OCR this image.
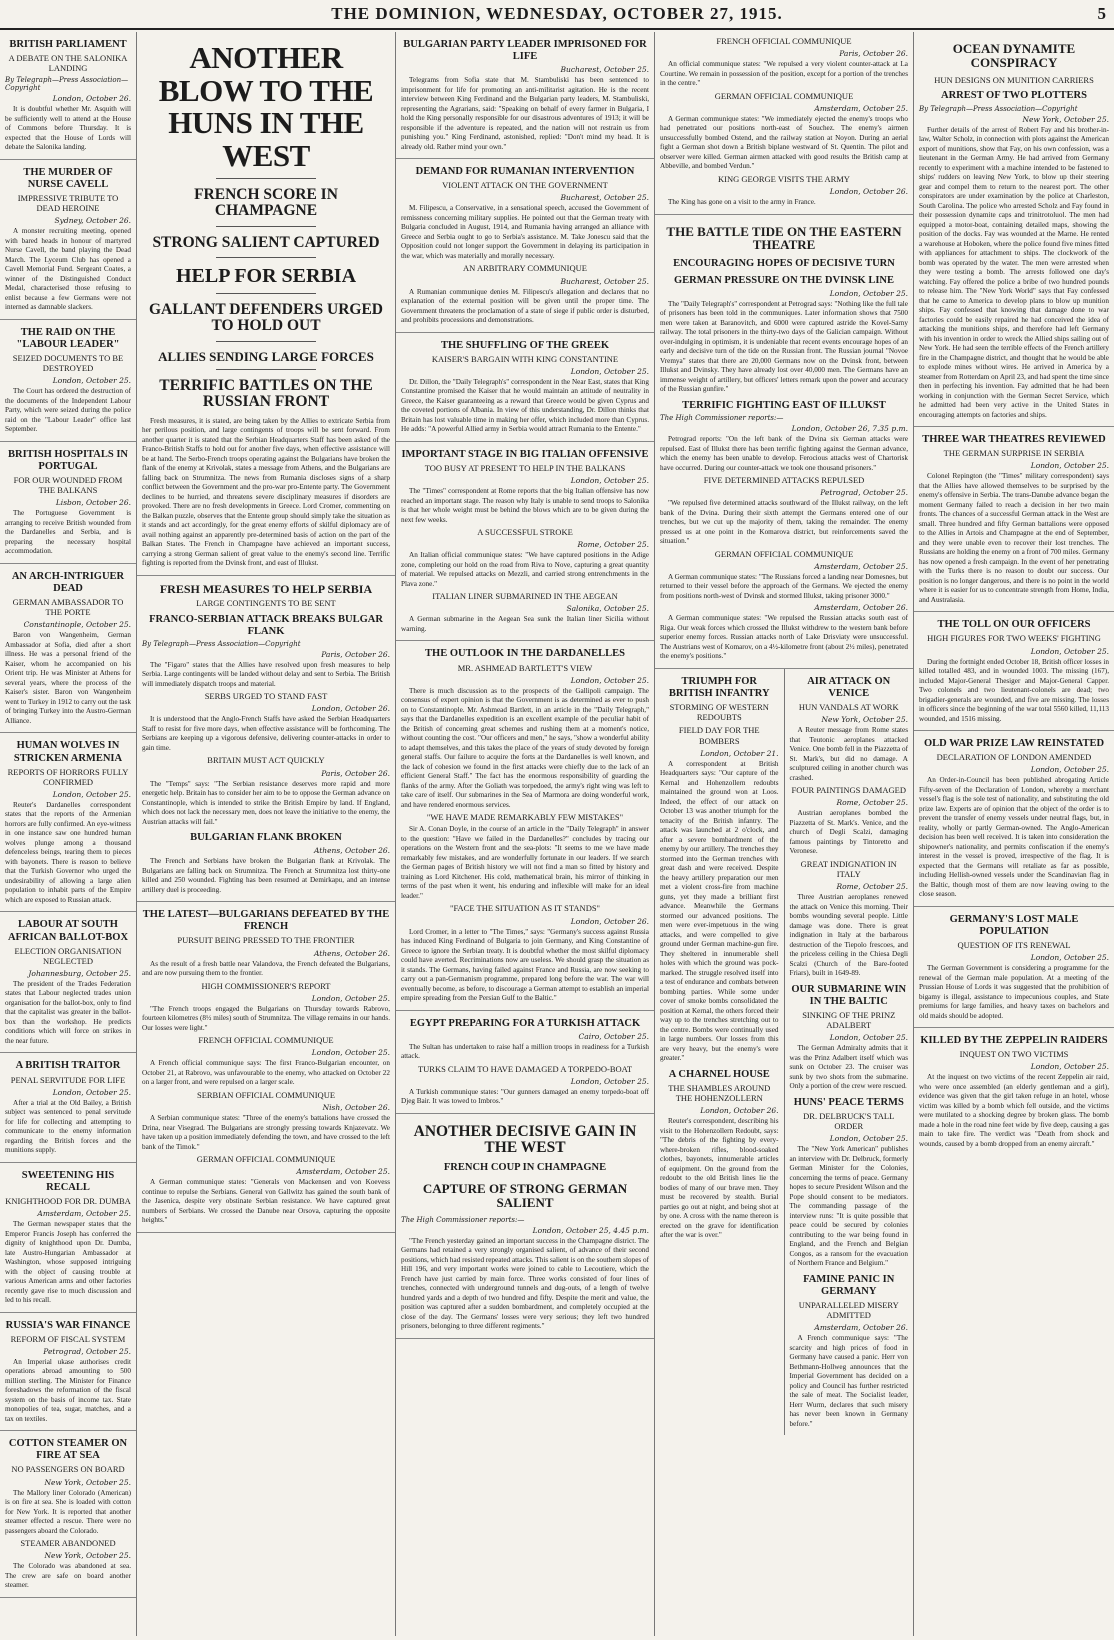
THE DOMINION, WEDNESDAY, OCTOBER 27, 1915.	5
BRITISH PARLIAMENT
A DEBATE ON THE SALONIKA LANDING
By Telegraph—Press Association—Copyright
London, October 26.

It is doubtful whether Mr. Asquith will be sufficiently well to attend at the House of Commons before Thursday. It is expected that the House of Lords will debate the Salonika landing.

THE MURDER OF NURSE CAVELL
IMPRESSIVE TRIBUTE TO DEAD HEROINE
Sydney, October 26.

A monster recruiting meeting, opened with bared heads in honour of martyred Nurse Cavell, the band playing the Dead March. The Lyceum Club has opened a Cavell Memorial Fund. Sergeant Coates, a winner of the Distinguished Conduct Medal, characterised those refusing to enlist because a few Germans were not interned as damnable slackers.

THE RAID ON THE "LABOUR LEADER"
SEIZED DOCUMENTS TO BE DESTROYED
London, October 25.

The Court has ordered the destruction of the documents of the Independent Labour Party, which were seized during the police raid on the "Labour Leader" office last September.

BRITISH HOSPITALS IN PORTUGAL
FOR OUR WOUNDED FROM THE BALKANS
Lisbon, October 26.

The Portuguese Government is arranging to receive British wounded from the Dardanelles and Serbia, and is preparing the necessary hospital accommodation.

AN ARCH-INTRIGUER DEAD
GERMAN AMBASSADOR TO THE PORTE
Constantinople, October 25.

Baron von Wangenheim, German Ambassador at Sofia, died after a short illness. He was a personal friend of the Kaiser, whom he accompanied on his Orient trip. He was Minister at Athens for several years, where the process of the Kaiser's sister. Baron von Wangenheim went to Turkey in 1912 to carry out the task of bringing Turkey into the Austro-German Alliance.

HUMAN WOLVES IN STRICKEN ARMENIA
REPORTS OF HORRORS FULLY CONFIRMED
London, October 25.

Reuter's Dardanelles correspondent states that the reports of the Armenian horrors are fully confirmed. An eye-witness in one instance saw one hundred human wolves plunge among a thousand defenceless beings, tearing them to pieces with bayonets. There is reason to believe that the Turkish Governor who urged the undesirability of allowing a large alien population to inhabit parts of the Empire which are exposed to Russian attack.

LABOUR AT SOUTH AFRICAN BALLOT-BOX
ELECTION ORGANISATION NEGLECTED
Johannesburg, October 25.

The president of the Trades Federation states that Labour neglected trades union organisation for the ballot-box, only to find that the capitalist was greater in the ballot-box than the workshop. He predicts conditions which will force on strikes in the near future.

A BRITISH TRAITOR
PENAL SERVITUDE FOR LIFE
London, October 25.

After a trial at the Old Bailey, a British subject was sentenced to penal servitude for life for collecting and attempting to communicate to the enemy information regarding the British forces and the munitions supply.

SWEETENING HIS RECALL
KNIGHTHOOD FOR DR. DUMBA
Amsterdam, October 25.

The German newspaper states that the Emperor Francis Joseph has conferred the dignity of knighthood upon Dr. Dumba, late Austro-Hungarian Ambassador at Washington, whose supposed intriguing with the object of causing trouble at various American arms and other factories recently gave rise to much discussion and led to his recall.

RUSSIA'S WAR FINANCE
REFORM OF FISCAL SYSTEM
Petrograd, October 25.

An Imperial ukase authorises credit operations abroad amounting to 500 million sterling. The Minister for Finance foreshadows the reformation of the fiscal system on the basis of income tax. State monopolies of tea, sugar, matches, and a tax on textiles.

COTTON STEAMER ON FIRE AT SEA
NO PASSENGERS ON BOARD
New York, October 25.

The Mallory liner Colorado (American) is on fire at sea. She is loaded with cotton for New York. It is reported that another steamer effected a rescue. There were no passengers aboard the Colorado.

STEAMER ABANDONED
New York, October 25.

The Colorado was abandoned at sea. The crew are safe on board another steamer.

ANOTHER BLOW TO THE HUNS IN THE WEST
FRENCH SCORE IN CHAMPAGNE
STRONG SALIENT CAPTURED
HELP FOR SERBIA
GALLANT DEFENDERS URGED TO HOLD OUT
ALLIES SENDING LARGE FORCES
TERRIFIC BATTLES ON THE RUSSIAN FRONT

Fresh measures, it is stated, are being taken by the Allies to extricate Serbia from her perilous position, and large contingents of troops will be sent forward. From another quarter it is stated that the Serbian Headquarters Staff has been asked of the Franco-British Staffs to hold out for another five days, when effective assistance will be at hand. The Serbo-French troops operating against the Bulgarians have broken the flank of the enemy at Krivolak, states a message from Athens, and the Bulgarians are falling back on Strumnitza. The news from Rumania discloses signs of a sharp conflict between the Government and the pro-war pro-Entente party. The Government declines to be hurried, and threatens severe disciplinary measures if disorders are provoked. There are no fresh developments in Greece. Lord Cromer, commenting on the Balkan puzzle, observes that the Entente group should simply take the situation as it stands and act accordingly, for the great enemy efforts of skilful diplomacy are of avail nothing against an apparently pre-determined basis of action on the part of the Balkan States. The French in Champagne have achieved an important success, carrying a strong German salient of great value to the enemy's second line. Terrific fighting is reported from the Dvinsk front, and east of Illukst.

FRESH MEASURES TO HELP SERBIA
LARGE CONTINGENTS TO BE SENT
FRANCO-SERBIAN ATTACK BREAKS BULGAR FLANK
By Telegraph—Press Association—Copyright
Paris, October 26.

The "Figaro" states that the Allies have resolved upon fresh measures to help Serbia. Large contingents will be landed without delay and sent to Serbia. The British will immediately dispatch troops and material.

SERBS URGED TO STAND FAST
London, October 26.

It is understood that the Anglo-French Staffs have asked the Serbian Headquarters Staff to resist for five more days, when effective assistance will be forthcoming. The Serbians are keeping up a vigorous defensive, delivering counter-attacks in order to gain time.

BRITAIN MUST ACT QUICKLY
Paris, October 26.

The "Temps" says: "The Serbian resistance deserves more rapid and more energetic help. Britain has to consider her aim to be to oppose the German advance on Constantinople, which is intended to strike the British Empire by land. If England, which does not lack the necessary men, does not leave the initiative to the enemy, the Austrian attacks will fail."

BULGARIAN FLANK BROKEN
Athens, October 26.

The French and Serbians have broken the Bulgarian flank at Krivolak. The Bulgarians are falling back on Strumnitza. The French at Strumnitza lost thirty-one killed and 250 wounded. Fighting has been resumed at Demirkapu, and an intense artillery duel is proceeding.

THE LATEST—BULGARIANS DEFEATED BY THE FRENCH
PURSUIT BEING PRESSED TO THE FRONTIER
Athens, October 26.

As the result of a fresh battle near Valandova, the French defeated the Bulgarians, and are now pursuing them to the frontier.

HIGH COMMISSIONER'S REPORT
London, October 25.

"The French troops engaged the Bulgarians on Thursday towards Rabrovo, fourteen kilometres (8½ miles) south of Strumnitza. The village remains in our hands. Our losses were light."

FRENCH OFFICIAL COMMUNIQUE
London, October 25.

A French official communique says: The first Franco-Bulgarian encounter, on October 21, at Rabrovo, was unfavourable to the enemy, who attacked on October 22 on a larger front, and were repulsed on a larger scale.

SERBIAN OFFICIAL COMMUNIQUE
Nish, October 26.

A Serbian communique states: "Three of the enemy's battalions have crossed the Drina, near Visegrad. The Bulgarians are strongly pressing towards Knjazevatz. We have taken up a position immediately defending the town, and have crossed to the left bank of the Timok."

GERMAN OFFICIAL COMMUNIQUE
Amsterdam, October 25.

A German communique states: "Generals von Mackensen and von Koevess continue to repulse the Serbians. General von Gallwitz has gained the south bank of the Jasenica, despite very obstinate Serbian resistance. We have captured great numbers of Serbians. We crossed the Danube near Orsova, capturing the opposite heights."

BULGARIAN PARTY LEADER IMPRISONED FOR LIFE
Bucharest, October 25.

Telegrams from Sofia state that M. Stambuliski has been sentenced to imprisonment for life for promoting an anti-militarist agitation. He is the recent interview between King Ferdinand and the Bulgarian party leaders, M. Stambuliski, representing the Agrarians, said: "Speaking on behalf of every farmer in Bulgaria, I hold the King personally responsible for our disastrous adventures of 1913; it will be responsible if the adventure is repeated, and the nation will not restrain us from punishing you." King Ferdinand, astonished, replied: "Don't mind my head. It is already old. Rather mind your own."

DEMAND FOR RUMANIAN INTERVENTION
VIOLENT ATTACK ON THE GOVERNMENT
Bucharest, October 25.

M. Filipescu, a Conservative, in a sensational speech, accused the Government of remissness concerning military supplies. He pointed out that the German treaty with Bulgaria concluded in August, 1914, and Rumania having arranged an alliance with Greece and Serbia ought to go to Serbia's assistance. M. Take Jonescu said that the Opposition could not longer support the Government in delaying its participation in the war, which was materially and morally necessary.

AN ARBITRARY COMMUNIQUE
Bucharest, October 25.

A Rumanian communique denies M. Filipescu's allegation and declares that no explanation of the external position will be given until the proper time. The Government threatens the proclamation of a state of siege if public order is disturbed, and prohibits processions and demonstrations.

THE SHUFFLING OF THE GREEK
KAISER'S BARGAIN WITH KING CONSTANTINE
London, October 25.

Dr. Dillon, the "Daily Telegraph's" correspondent in the Near East, states that King Constantine promised the Kaiser that he would maintain an attitude of neutrality in Greece, the Kaiser guaranteeing as a reward that Greece would be given Cyprus and the coveted portions of Albania. In view of this understanding, Dr. Dillon thinks that Britain has lost valuable time in making her offer, which included more than Cyprus. He adds: "A powerful Allied army in Serbia would attract Rumania to the Entente."

IMPORTANT STAGE IN BIG ITALIAN OFFENSIVE
TOO BUSY AT PRESENT TO HELP IN THE BALKANS
London, October 25.

The "Times" correspondent at Rome reports that the big Italian offensive has now reached an important stage. The reason why Italy is unable to send troops to Salonika is that her whole weight must be behind the blows which are to be given during the next few weeks.

A SUCCESSFUL STROKE
Rome, October 25.

An Italian official communique states: "We have captured positions in the Adige zone, completing our hold on the road from Riva to Nove, capturing a great quantity of material. We repulsed attacks on Mezzli, and carried strong entrenchments in the Plava zone."

ITALIAN LINER SUBMARINED IN THE AEGEAN
Salonika, October 25.

A German submarine in the Aegean Sea sunk the Italian liner Sicilia without warning.

THE OUTLOOK IN THE DARDANELLES
MR. ASHMEAD BARTLETT'S VIEW
London, October 25.

There is much discussion as to the prospects of the Gallipoli campaign. The consensus of expert opinion is that the Government is as determined as ever to push on to Constantinople. Mr. Ashmead Bartlett, in an article in the "Daily Telegraph," says that the Dardanelles expedition is an excellent example of the peculiar habit of the British of concerning great schemes and rushing them at a moment's notice, without counting the cost. "Our officers and men," he says, "show a wonderful ability to adapt themselves, and this takes the place of the years of study devoted by foreign general staffs. Our failure to acquire the forts at the Dardanelles is well known, and the lack of cohesion we found in the first attacks were chiefly due to the lack of an efficient General Staff." The fact has the enormous responsibility of guarding the flanks of the army. After the Goliath was torpedoed, the army's right wing was left to take care of itself. Our submarines in the Sea of Marmora are doing wonderful work, and have rendered enormous services.

"WE HAVE MADE REMARKABLY FEW MISTAKES"

Sir A. Conan Doyle, in the course of an article in the "Daily Telegraph" in answer to the question: "Have we failed in the Dardanelles?" concludes by tracing our operations on the Western front and the sea-plots: "It seems to me we have made remarkably few mistakes, and are wonderfully fortunate in our leaders. If we search the German pages of British history we will not find a man so fitted by history and training as Lord Kitchener. His cold, mathematical brain, his mirror of thinking in terms of the past when it went, his enduring and inflexible will make for an ideal leader."

"FACE THE SITUATION AS IT STANDS"
London, October 26.

Lord Cromer, in a letter to "The Times," says: "Germany's success against Russia has induced King Ferdinand of Bulgaria to join Germany, and King Constantine of Greece to ignore the Serbian treaty. It is doubtful whether the most skilful diplomacy could have averted. Recriminations now are useless. We should grasp the situation as it stands. The Germans, having failed against France and Russia, are now seeking to carry out a pan-Germanism programme, prepared long before the war. The war will eventually become, as before, to discourage a German attempt to establish an imperial empire spreading from the Persian Gulf to the Baltic."

EGYPT PREPARING FOR A TURKISH ATTACK
Cairo, October 25.

The Sultan has undertaken to raise half a million troops in readiness for a Turkish attack.

TURKS CLAIM TO HAVE DAMAGED A TORPEDO-BOAT
London, October 25.

A Turkish communique states: "Our gunners damaged an enemy torpedo-boat off Djeg Bair. It was towed to Imbros."

ANOTHER DECISIVE GAIN IN THE WEST
FRENCH COUP IN CHAMPAGNE
CAPTURE OF STRONG GERMAN SALIENT
The High Commissioner reports:—
London, October 25, 4.45 p.m.

"The French yesterday gained an important success in the Champagne district. The Germans had retained a very strongly organised salient, of advance of their second positions, which had resisted repeated attacks. This salient is on the southern slopes of Hill 196, and very important works were joined to cable to Lecoutiere, which the French have just carried by main force. Three works consisted of four lines of trenches, connected with underground tunnels and dug-outs, of a length of twelve hundred yards and a depth of two hundred and fifty. Despite the merit and value, the position was captured after a sudden bombardment, and completely occupied at the close of the day. The Germans' losses were very serious; they left two hundred prisoners, belonging to three different regiments."

FRENCH OFFICIAL COMMUNIQUE
Paris, October 26.

An official communique states: "We repulsed a very violent counter-attack at La Courtine. We remain in possession of the position, except for a portion of the trenches in the centre."

GERMAN OFFICIAL COMMUNIQUE
Amsterdam, October 25.

A German communique states: "We immediately ejected the enemy's troops who had penetrated our positions north-east of Souchez. The enemy's airmen unsuccessfully bombed Ostend, and the railway station at Noyon. During an aerial fight a German shot down a British biplane westward of St. Quentin. The pilot and observer were killed. German airmen attacked with good results the British camp at Abbeville, and bombed Verdun."

KING GEORGE VISITS THE ARMY
London, October 26.

The King has gone on a visit to the army in France.

THE BATTLE TIDE ON THE EASTERN THEATRE
ENCOURAGING HOPES OF DECISIVE TURN
GERMAN PRESSURE ON THE DVINSK LINE
London, October 25.

The "Daily Telegraph's" correspondent at Petrograd says: "Nothing like the full tale of prisoners has been told in the communiques. Later information shows that 7500 men were taken at Baranovitch, and 6000 were captured astride the Kovel-Sarny railway. The total prisoners in the thirty-two days of the Galician campaign. Without over-indulging in optimism, it is undeniable that recent events encourage hopes of an early and decisive turn of the tide on the Russian front. The Russian journal "Novoe Vremya" states that there are 20,000 Germans now on the Dvinsk front, between Illukst and Dvinsky. They have already lost over 40,000 men. The Germans have an immense weight of artillery, but officers' letters remark upon the power and accuracy of the Russian gunfire."

TERRIFIC FIGHTING EAST OF ILLUKST
The High Commissioner reports:—
London, October 26, 7.35 p.m.

Petrograd reports: "On the left bank of the Dvina six German attacks were repulsed. East of Illukst there has been terrific fighting against the German advance, which the enemy has been unable to develop. Ferocious attacks west of Chartorisk have occurred. During our counter-attack we took one thousand prisoners."

FIVE DETERMINED ATTACKS REPULSED
Petrograd, October 25.

"We repulsed five determined attacks southward of the Illukst railway, on the left bank of the Dvina. During their sixth attempt the Germans entered one of our trenches, but we cut up the majority of them, taking the remainder. The enemy pressed us at one point in the Komarova district, but reinforcements saved the situation."

GERMAN OFFICIAL COMMUNIQUE
Amsterdam, October 25.

A German communique states: "The Russians forced a landing near Domesnes, but returned to their vessel before the approach of the Germans. We ejected the enemy from positions north-west of Dvinsk and stormed Illukst, taking prisoner 3000."

Amsterdam, October 26.

A German communique states: "We repulsed the Russian attacks south east of Riga. Our weak forces which crossed the Illukst withdrew to the western bank before superior enemy forces. Russian attacks north of Lake Drisviaty were unsuccessful. The Austrians west of Komarov, on a 4½-kilometre front (about 2½ miles), penetrated the enemy's positions."

TRIUMPH FOR BRITISH INFANTRY
STORMING OF WESTERN REDOUBTS
FIELD DAY FOR THE BOMBERS
London, October 21.

A correspondent at British Headquarters says: "Our capture of the Kernal and Hohenzollern redoubts maintained the ground won at Loos. Indeed, the effect of our attack on October 13 was another triumph for the tenacity of the British infantry. The attack was launched at 2 o'clock, and after a severe bombardment of the enemy by our artillery. The trenches they stormed into the German trenches with great dash and were received. Despite the heavy artillery preparation our men met a violent cross-fire from machine guns, yet they made a brilliant first advance. Meanwhile the Germans stormed our advanced positions. The men were ever-impetuous in the wing attacks, and were compelled to give ground under German machine-gun fire. They sheltered in innumerable shell holes with which the ground was pock-marked. The struggle resolved itself into a test of endurance and combats between bombing parties. While some under cover of smoke bombs consolidated the position at Kernal, the others forced their way up to the trenches stretching out to the centre. Bombs were continually used in large numbers. Our losses from this are very heavy, but the enemy's were greater."

A CHARNEL HOUSE
THE SHAMBLES AROUND THE HOHENZOLLERN
London, October 26.

Reuter's correspondent, describing his visit to the Hohenzollern Redoubt, says: "The debris of the fighting by every-where-broken rifles, blood-soaked clothes, bayonets, innumerable articles of equipment. On the ground from the redoubt to the old British lines lie the bodies of many of our brave men. They must be recovered by stealth. Burial parties go out at night, and being shot at by one. A cross with the name thereon is erected on the grave for identification after the war is over."

AIR ATTACK ON VENICE
HUN VANDALS AT WORK
New York, October 25.

A Reuter message from Rome states that Teutonic aeroplanes attacked Venice. One bomb fell in the Piazzetta of St. Mark's, but did no damage. A sculptured ceiling in another church was crashed.

FOUR PAINTINGS DAMAGED
Rome, October 25.

Austrian aeroplanes bombed the Piazzetta of St. Mark's. Venice, and the church of Degli Scalzi, damaging famous paintings by Tintoretto and Veronese.

GREAT INDIGNATION IN ITALY
Rome, October 25.

Three Austrian aeroplanes renewed the attack on Venice this morning. Their bombs wounding several people. Little damage was done. There is great indignation in Italy at the barbarous destruction of the Tiepolo frescoes, and the priceless ceiling in the Chiesa Degli Scalzi (Church of the Bare-footed Friars), built in 1649-89.

OUR SUBMARINE WIN IN THE BALTIC
SINKING OF THE PRINZ ADALBERT
London, October 25.

The German Admiralty admits that it was the Prinz Adalbert itself which was sunk on October 23. The cruiser was sunk by two shots from the submarine. Only a portion of the crew were rescued.

HUNS' PEACE TERMS
DR. DELBRUCK'S TALL ORDER
London, October 25.

The "New York American" publishes an interview with Dr. Delbruck, formerly German Minister for the Colonies, concerning the terms of peace. Germany hopes to secure President Wilson and the Pope should consent to be mediators. The commanding passage of the interview runs: "It is quite possible that peace could be secured by colonies contributing to the war being found in England, and the French and Belgian Congos, as a ransom for the evacuation of Northern France and Belgium."

FAMINE PANIC IN GERMANY
UNPARALLELED MISERY ADMITTED
Amsterdam, October 26.

A French communique says: "The scarcity and high prices of food in Germany have caused a panic. Herr von Bethmann-Hollweg announces that the Imperial Government has decided on a policy and Council has further restricted the sale of meat. The Socialist leader, Herr Wurm, declares that such misery has never been known in Germany before."

OCEAN DYNAMITE CONSPIRACY
HUN DESIGNS ON MUNITION CARRIERS
ARREST OF TWO PLOTTERS
By Telegraph—Press Association—Copyright
New York, October 25.

Further details of the arrest of Robert Fay and his brother-in-law, Walter Scholz, in connection with plots against the American export of munitions, show that Fay, on his own confession, was a lieutenant in the German Army. He had arrived from Germany recently to experiment with a machine intended to be fastened to ships' rudders on leaving New York, to blow up their steering gear and compel them to return to the nearest port. The other conspirators are under examination by the police at Charleston, South Carolina. The police who arrested Scholz and Fay found in their possession dynamite caps and trinitrotoluol. The men had equipped a motor-boat, containing detailed maps, showing the position of the docks. Fay was wounded at the Marne. He rented a warehouse at Hoboken, where the police found five mines fitted with appliances for attachment to ships. The clockwork of the bomb was operated by the water. The men were arrested when they were testing a bomb. The arrests followed one day's watching. Fay offered the police a bribe of two hundred pounds to release him. The "New York World" says that Fay confessed that he came to America to develop plans to blow up munition ships. Fay confessed that knowing that damage done to war factories could be easily repaired he had conceived the idea of attacking the munitions ships, and therefore had left Germany with his invention in order to wreck the Allied ships sailing out of New York. He had seen the terrible effects of the French artillery fire in the Champagne district, and thought that he would be able to explode mines without wires. He arrived in America by a steamer from Rotterdam on April 23, and had spent the time since then in perfecting his invention. Fay admitted that he had been working in conjunction with the German Secret Service, which he admitted had been very active in the United States in encouraging attempts on factories and ships.

THREE WAR THEATRES REVIEWED
THE GERMAN SURPRISE IN SERBIA
London, October 25.

Colonel Repington (the "Times" military correspondent) says that the Allies have allowed themselves to be surprised by the enemy's offensive in Serbia. The trans-Danube advance began the moment Germany failed to reach a decision in her two main fronts. The chances of a successful German attack in the West are small. Three hundred and fifty German battalions were opposed to the Allies in Artois and Champagne at the end of September, and they were unable even to recover their lost trenches. The Russians are holding the enemy on a front of 700 miles. Germany has now opened a fresh campaign. In the event of her penetrating with the Turks there is no reason to doubt our success. Our position is no longer dangerous, and there is no point in the world where it is easier for us to concentrate strength from Home, India, and Australasia.

THE TOLL ON OUR OFFICERS
HIGH FIGURES FOR TWO WEEKS' FIGHTING
London, October 25.

During the fortnight ended October 18, British officer losses in killed totalled 483, and in wounded 1003. The missing (167), included Major-General Thesiger and Major-General Capper. Two colonels and two lieutenant-colonels are dead; two brigadier-generals are wounded, and five are missing. The losses in officers since the beginning of the war total 5560 killed, 11,113 wounded, and 1516 missing.

OLD WAR PRIZE LAW REINSTATED
DECLARATION OF LONDON AMENDED
London, October 25.

An Order-in-Council has been published abrogating Article Fifty-seven of the Declaration of London, whereby a merchant vessel's flag is the sole test of nationality, and substituting the old prize law. Experts are of opinion that the object of the order is to prevent the transfer of enemy vessels under neutral flags, but, in reality, wholly or partly German-owned. The Anglo-American decision has been well received. It is taken into consideration the shipowner's nationality, and permits confiscation if the enemy's interest in the vessel is proved, irrespective of the flag. It is expected that the Germans will retaliate as far as possible, including Hellish-owned vessels under the Scandinavian flag in the Baltic, though most of them are now leaving owing to the close season.

GERMANY'S LOST MALE POPULATION
QUESTION OF ITS RENEWAL
London, October 25.

The German Government is considering a programme for the renewal of the German male population. At a meeting of the Prussian House of Lords it was suggested that the prohibition of bigamy is illegal, assistance to impecunious couples, and State premiums for large families, and heavy taxes on bachelors and old maids should be adopted.

KILLED BY THE ZEPPELIN RAIDERS
INQUEST ON TWO VICTIMS
London, October 25.

At the inquest on two victims of the recent Zeppelin air raid, who were once assembled (an elderly gentleman and a girl), evidence was given that the girl taken refuge in an hotel, whose victim was killed by a bomb which fell outside, and the victims were mutilated to a shocking degree by broken glass. The bomb made a hole in the road nine feet wide by five deep, causing a gas main to take fire. The verdict was "Death from shock and wounds, caused by a bomb dropped from an enemy aircraft."
